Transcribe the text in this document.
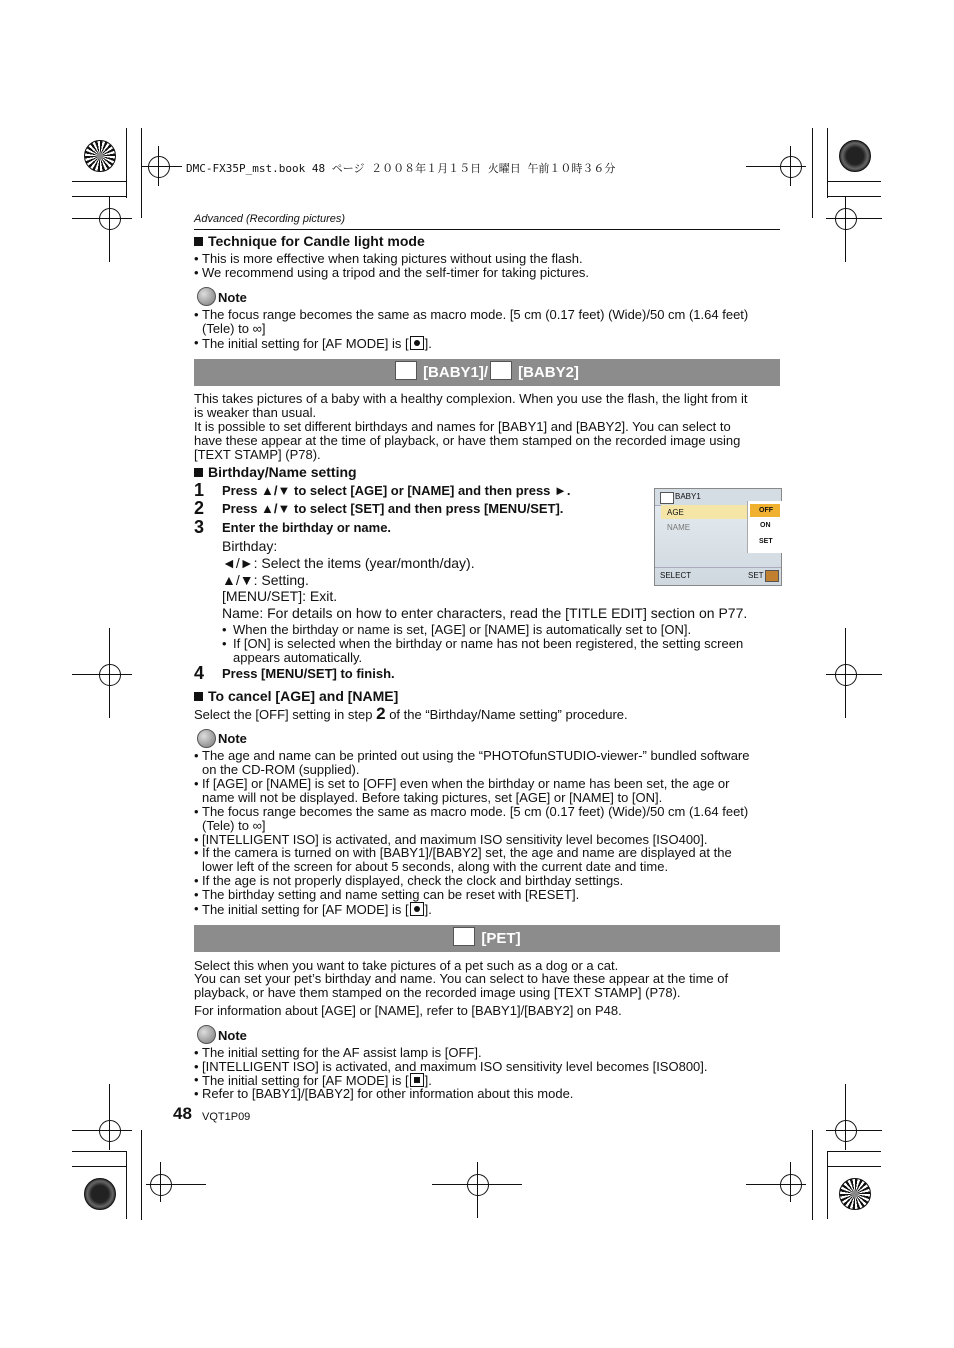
DMC-FX35P_mst.book 48 ページ ２００８年１月１５日 火曜日 午前１０時３６分
Advanced (Recording pictures)
Technique for Candle light mode
• This is more effective when taking pictures without using the flash.
• We recommend using a tripod and the self-timer for taking pictures.
Note
• The focus range becomes the same as macro mode. [5 cm (0.17 feet) (Wide)/50 cm (1.64 feet)
(Tele) to ∞]
• The initial setting for [AF MODE] is [ ].
[BABY1]/ [BABY2]
This takes pictures of a baby with a healthy complexion. When you use the flash, the light from it
is weaker than usual.
It is possible to set different birthdays and names for [BABY1] and [BABY2]. You can select to
have these appear at the time of playback, or have them stamped on the recorded image using
[TEXT STAMP] (P78).
Birthday/Name setting
1 Press ▲/▼ to select [AGE] or [NAME] and then press ►.
2 Press ▲/▼ to select [SET] and then press [MENU/SET].
3 Enter the birthday or name.
Birthday:
◄/►: Select the items (year/month/day).
▲/▼: Setting.
[MENU/SET]: Exit.
Name: For details on how to enter characters, read the [TITLE EDIT] section on P77.
• When the birthday or name is set, [AGE] or [NAME] is automatically set to [ON].
• If [ON] is selected when the birthday or name has not been registered, the setting screen
appears automatically.
4 Press [MENU/SET] to finish.
To cancel [AGE] and [NAME]
Select the [OFF] setting in step 2 of the “Birthday/Name setting” procedure.
BABY1
AGE
NAME
OFF
ON
SET
SELECT	SET
Note
• The age and name can be printed out using the “PHOTOfunSTUDIO-viewer-” bundled software
on the CD-ROM (supplied).
• If [AGE] or [NAME] is set to [OFF] even when the birthday or name has been set, the age or
name will not be displayed. Before taking pictures, set [AGE] or [NAME] to [ON].
• The focus range becomes the same as macro mode. [5 cm (0.17 feet) (Wide)/50 cm (1.64 feet)
(Tele) to ∞]
• [INTELLIGENT ISO] is activated, and maximum ISO sensitivity level becomes [ISO400].
• If the camera is turned on with [BABY1]/[BABY2] set, the age and name are displayed at the
lower left of the screen for about 5 seconds, along with the current date and time.
• If the age is not properly displayed, check the clock and birthday settings.
• The birthday setting and name setting can be reset with [RESET].
• The initial setting for [AF MODE] is [ ].
[PET]
Select this when you want to take pictures of a pet such as a dog or a cat.
You can set your pet’s birthday and name. You can select to have these appear at the time of
playback, or have them stamped on the recorded image using [TEXT STAMP] (P78).
For information about [AGE] or [NAME], refer to [BABY1]/[BABY2] on P48.
Note
• The initial setting for the AF assist lamp is [OFF].
• [INTELLIGENT ISO] is activated, and maximum ISO sensitivity level becomes [ISO800].
• The initial setting for [AF MODE] is [ ].
• Refer to [BABY1]/[BABY2] for other information about this mode.
48 VQT1P09
